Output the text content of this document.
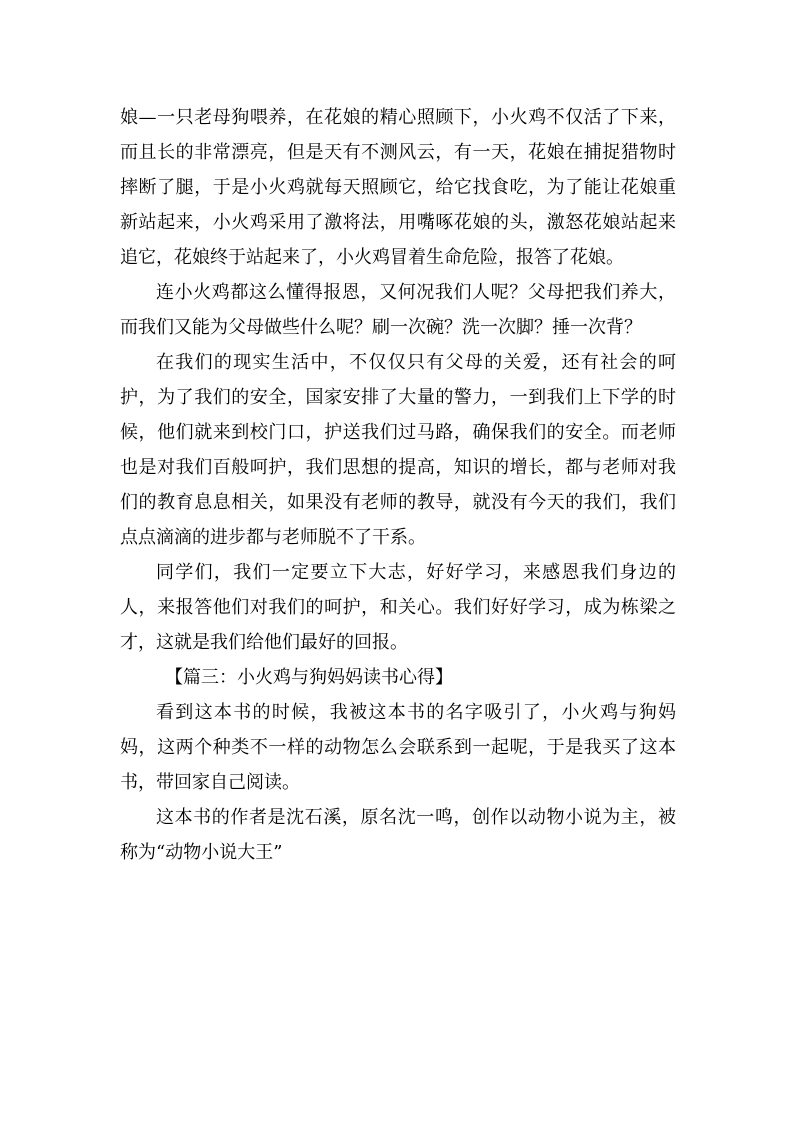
娘—一只老母狗喂养，在花娘的精心照顾下，小火鸡不仅活了下来，而且长的非常漂亮，但是天有不测风云，有一天，花娘在捕捉猎物时摔断了腿，于是小火鸡就每天照顾它，给它找食吃，为了能让花娘重新站起来，小火鸡采用了激将法，用嘴啄花娘的头，激怒花娘站起来追它，花娘终于站起来了，小火鸡冒着生命危险，报答了花娘。

连小火鸡都这么懂得报恩，又何况我们人呢？父母把我们养大，而我们又能为父母做些什么呢？刷一次碗？洗一次脚？捶一次背？

在我们的现实生活中，不仅仅只有父母的关爱，还有社会的呵护，为了我们的安全，国家安排了大量的警力，一到我们上下学的时候，他们就来到校门口，护送我们过马路，确保我们的安全。而老师也是对我们百般呵护，我们思想的提高，知识的增长，都与老师对我们的教育息息相关，如果没有老师的教导，就没有今天的我们，我们点点滴滴的进步都与老师脱不了干系。

同学们，我们一定要立下大志，好好学习，来感恩我们身边的人，来报答他们对我们的呵护，和关心。我们好好学习，成为栋梁之才，这就是我们给他们最好的回报。

【篇三：小火鸡与狗妈妈读书心得】

看到这本书的时候，我被这本书的名字吸引了，小火鸡与狗妈妈，这两个种类不一样的动物怎么会联系到一起呢，于是我买了这本书，带回家自己阅读。

这本书的作者是沈石溪，原名沈一鸣，创作以动物小说为主，被称为“动物小说大王”
